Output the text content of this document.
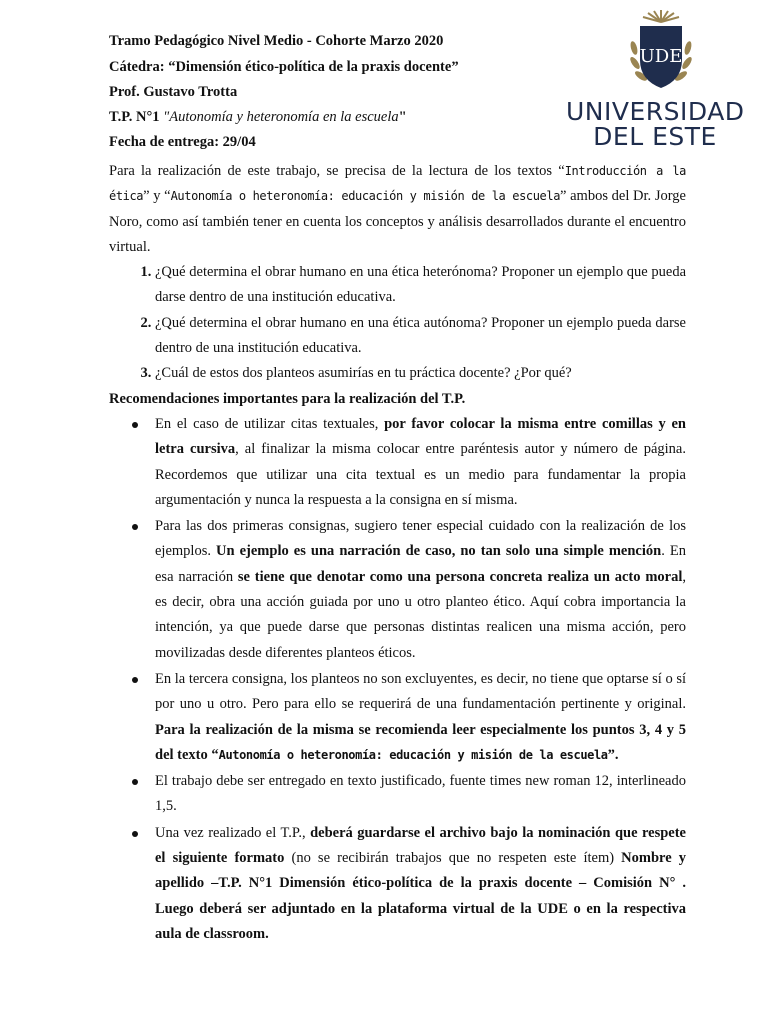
UDE
UNIVERSIDAD
DEL ESTE
Tramo Pedagógico Nivel Medio - Cohorte Marzo 2020
Cátedra: “Dimensión ético-política de la praxis docente”
Prof. Gustavo Trotta
T.P. N°1 "Autonomía y heteronomía en la escuela"
Fecha de entrega: 29/04

Para la realización de este trabajo, se precisa de la lectura de los textos “Introducción a la ética” y “Autonomía o heteronomía: educación y misión de la escuela” ambos del Dr. Jorge Noro, como así también tener en cuenta los conceptos y análisis desarrollados durante el encuentro virtual.

1. ¿Qué determina el obrar humano en una ética heterónoma? Proponer un ejemplo que pueda darse dentro de una institución educativa.
2. ¿Qué determina el obrar humano en una ética autónoma? Proponer un ejemplo pueda darse dentro de una institución educativa.
3. ¿Cuál de estos dos planteos asumirías en tu práctica docente? ¿Por qué?

Recomendaciones importantes para la realización del T.P.

En el caso de utilizar citas textuales, por favor colocar la misma entre comillas y en letra cursiva, al finalizar la misma colocar entre paréntesis autor y número de página. Recordemos que utilizar una cita textual es un medio para fundamentar la propia argumentación y nunca la respuesta a la consigna en sí misma.
Para las dos primeras consignas, sugiero tener especial cuidado con la realización de los ejemplos. Un ejemplo es una narración de caso, no tan solo una simple mención. En esa narración se tiene que denotar como una persona concreta realiza un acto moral, es decir, obra una acción guiada por uno u otro planteo ético. Aquí cobra importancia la intención, ya que puede darse que personas distintas realicen una misma acción, pero movilizadas desde diferentes planteos éticos.
En la tercera consigna, los planteos no son excluyentes, es decir, no tiene que optarse sí o sí por uno u otro. Pero para ello se requerirá de una fundamentación pertinente y original. Para la realización de la misma se recomienda leer especialmente los puntos 3, 4 y 5 del texto “Autonomía o heteronomía: educación y misión de la escuela”.
El trabajo debe ser entregado en texto justificado, fuente times new roman 12, interlineado 1,5.
Una vez realizado el T.P., deberá guardarse el archivo bajo la nominación que respete el siguiente formato (no se recibirán trabajos que no respeten este ítem) Nombre y apellido –T.P. N°1 Dimensión ético-política de la praxis docente – Comisión N° . Luego deberá ser adjuntado en la plataforma virtual de la UDE o en la respectiva aula de classroom.
